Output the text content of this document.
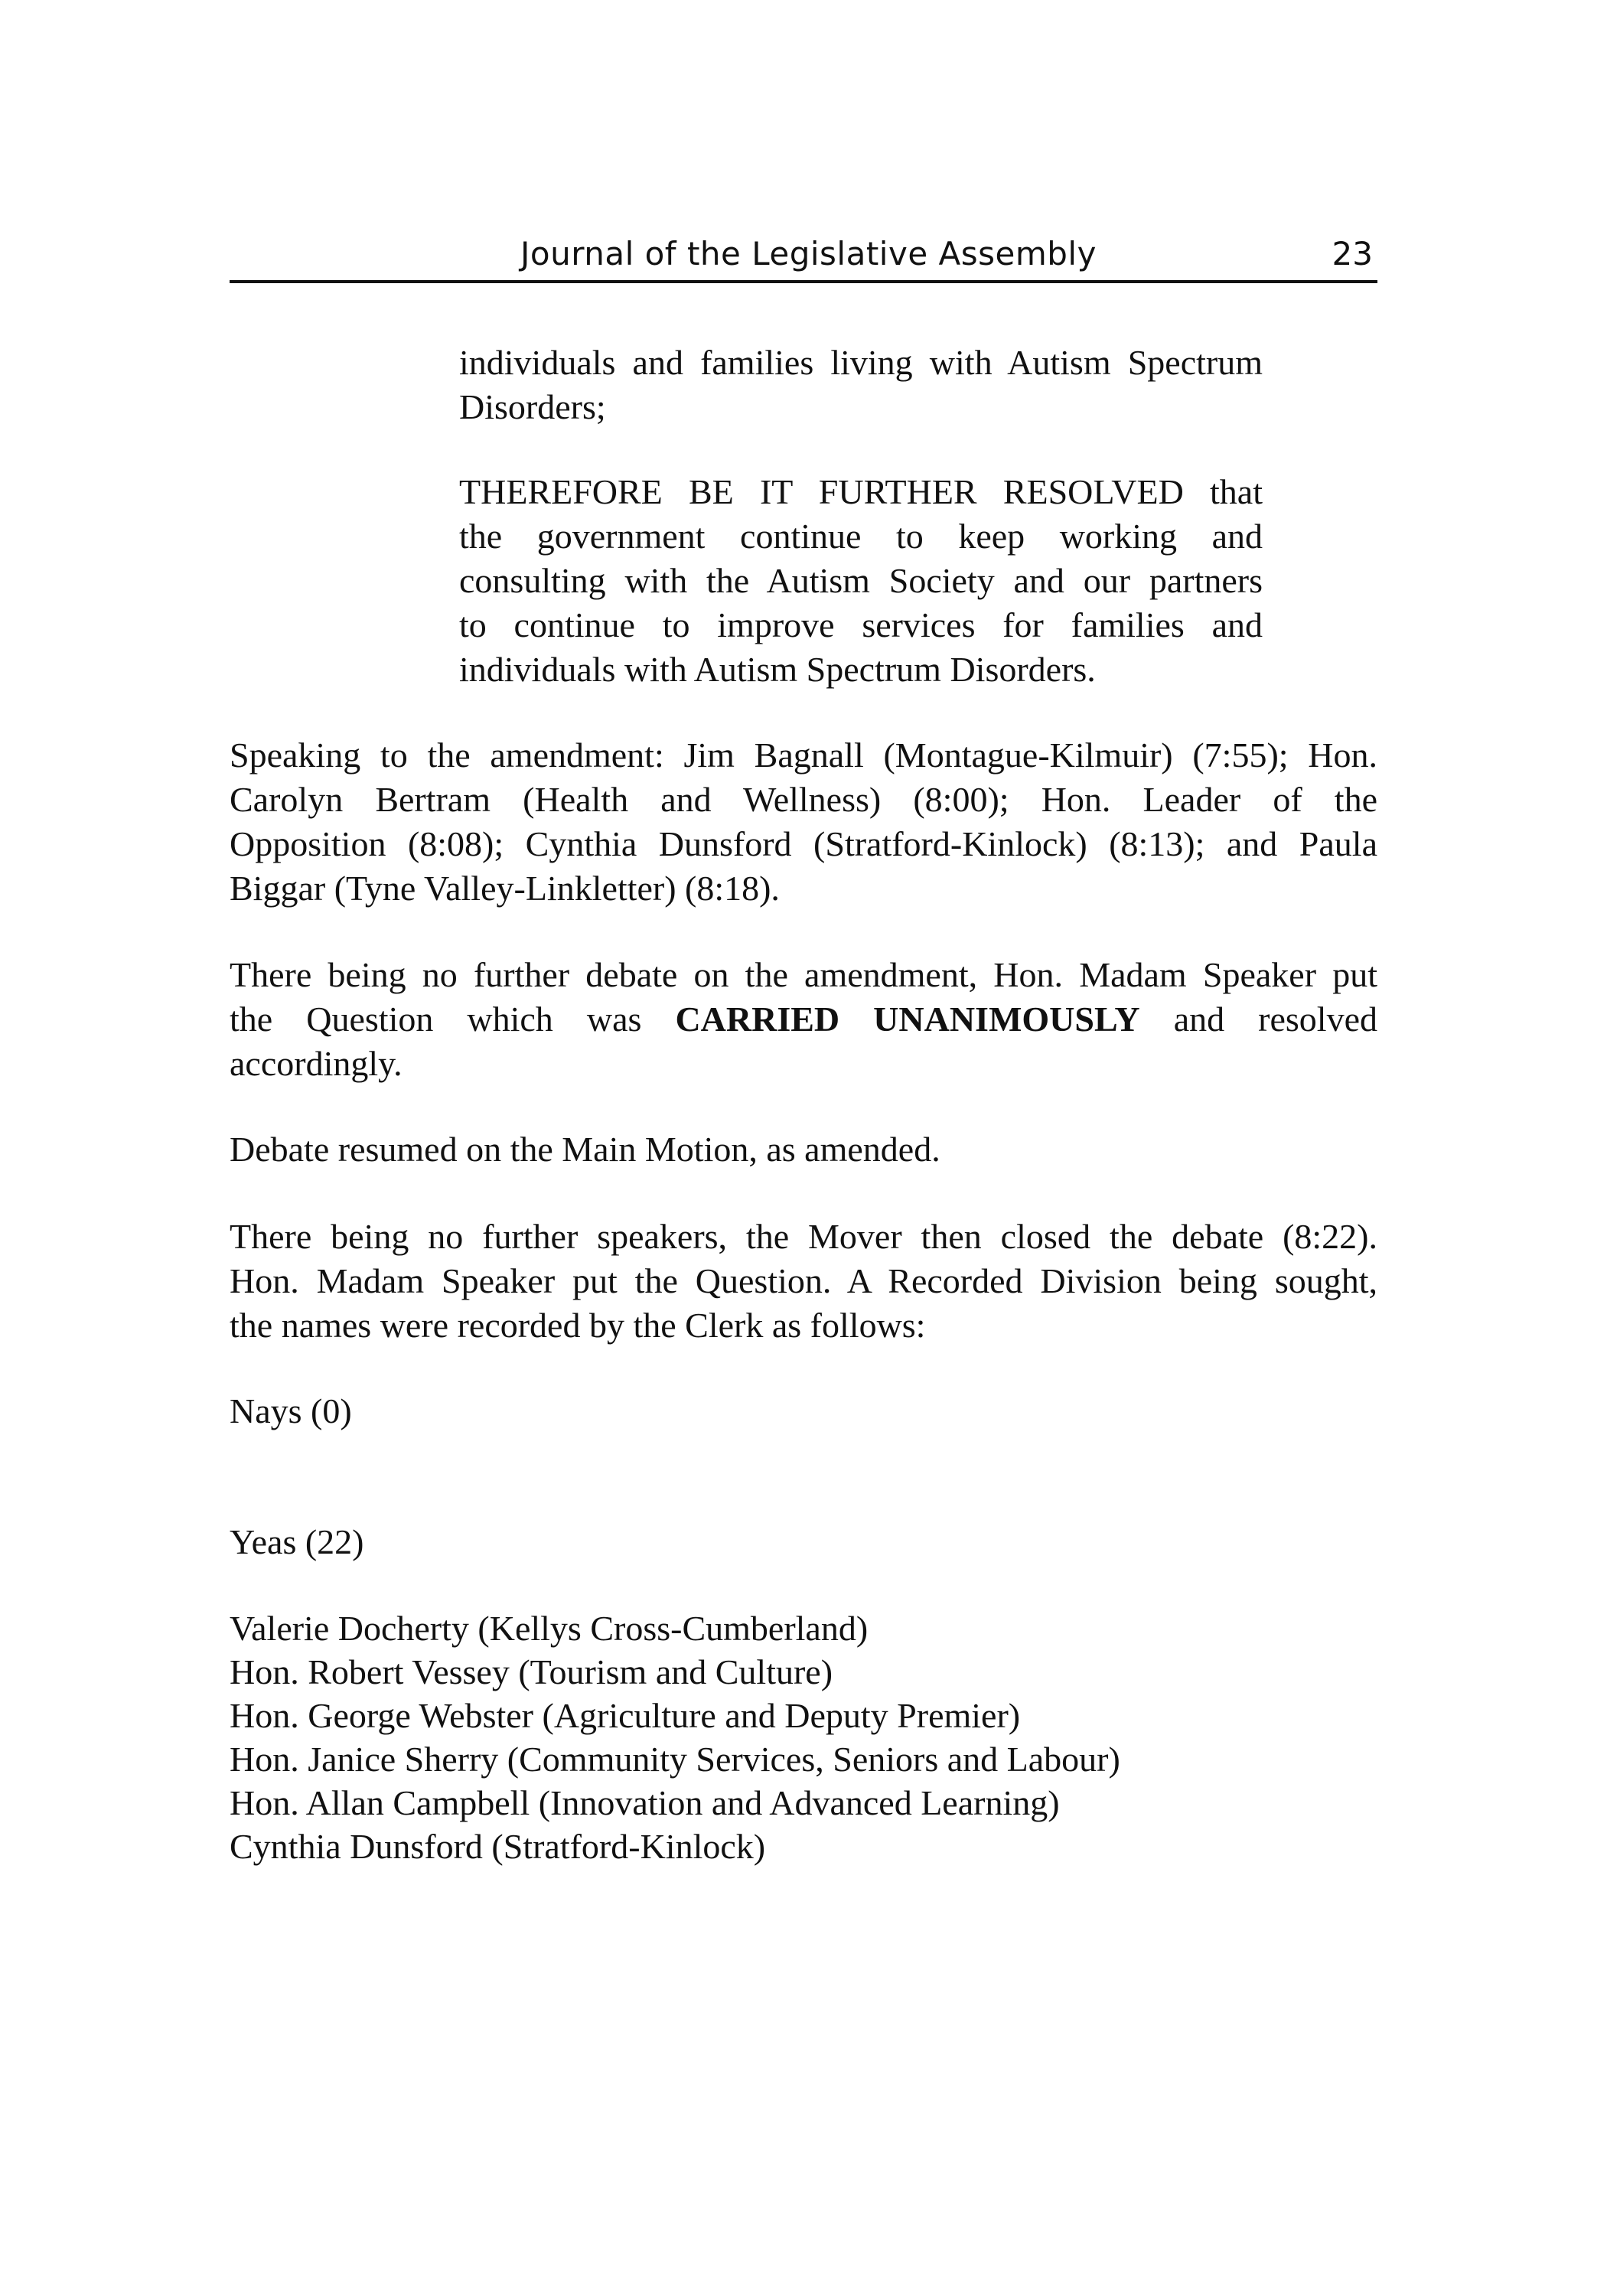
Journal of the Legislative Assembly	23
individuals and families living with Autism Spectrum
Disorders;
THEREFORE BE IT FURTHER RESOLVED that
the government continue to keep working and
consulting with the Autism Society and our partners
to continue to improve services for families and
individuals with Autism Spectrum Disorders.
Speaking to the amendment: Jim Bagnall (Montague-Kilmuir) (7:55); Hon.
Carolyn Bertram (Health and Wellness) (8:00); Hon. Leader of the
Opposition (8:08); Cynthia Dunsford (Stratford-Kinlock) (8:13); and Paula
Biggar (Tyne Valley-Linkletter) (8:18).
There being no further debate on the amendment, Hon. Madam Speaker put
the Question which was CARRIED UNANIMOUSLY and resolved
accordingly.
Debate resumed on the Main Motion, as amended.
There being no further speakers, the Mover then closed the debate (8:22).
Hon. Madam Speaker put the Question. A Recorded Division being sought,
the names were recorded by the Clerk as follows:
Nays (0)
Yeas (22)
Valerie Docherty (Kellys Cross-Cumberland)
Hon. Robert Vessey (Tourism and Culture)
Hon. George Webster (Agriculture and Deputy Premier)
Hon. Janice Sherry (Community Services, Seniors and Labour)
Hon. Allan Campbell (Innovation and Advanced Learning)
Cynthia Dunsford (Stratford-Kinlock)
